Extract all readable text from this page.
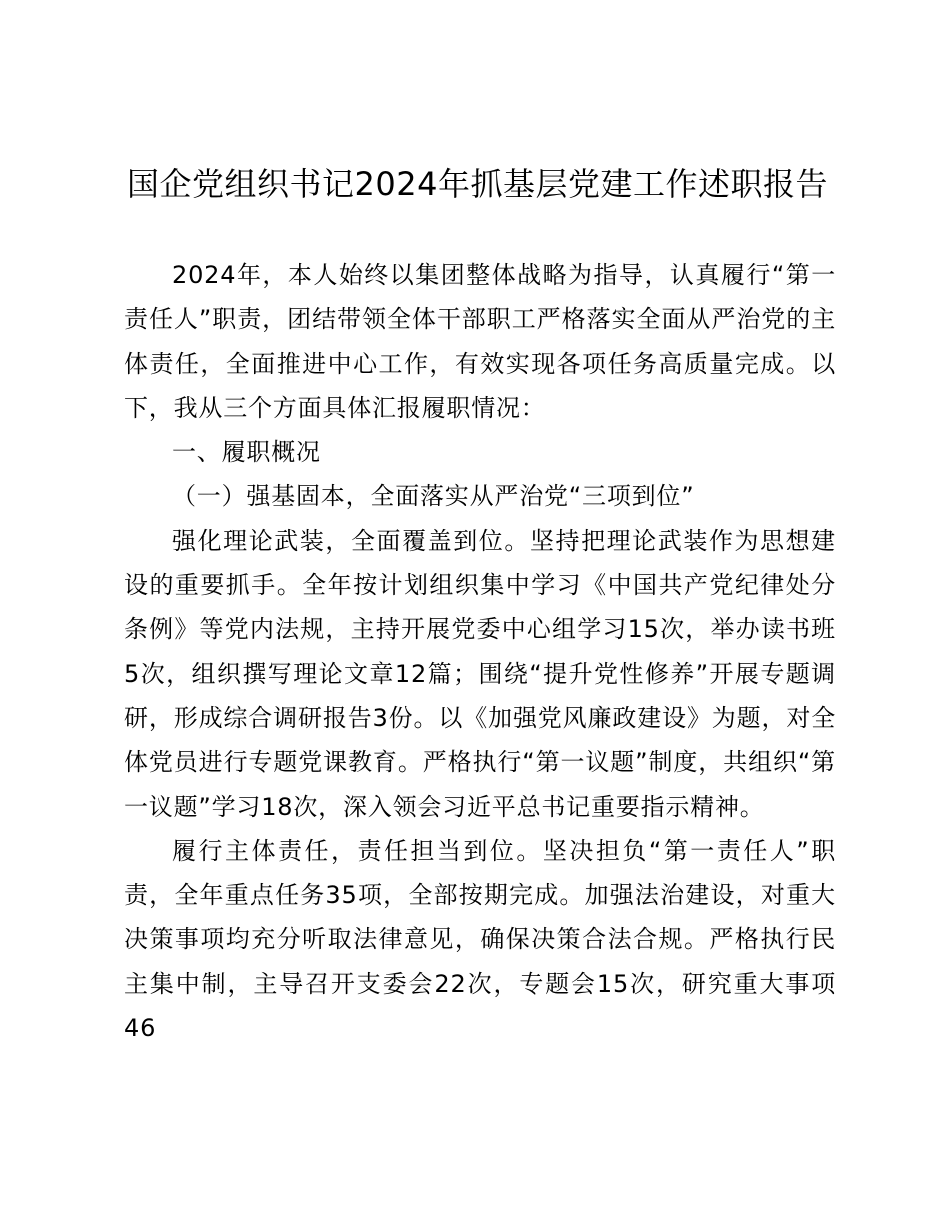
国企党组织书记2024年抓基层党建工作述职报告

2024年，本人始终以集团整体战略为指导，认真履行“第一责任人”职责，团结带领全体干部职工严格落实全面从严治党的主体责任，全面推进中心工作，有效实现各项任务高质量完成。以下，我从三个方面具体汇报履职情况：

一、履职概况

（一）强基固本，全面落实从严治党“三项到位”

强化理论武装，全面覆盖到位。坚持把理论武装作为思想建设的重要抓手。全年按计划组织集中学习《中国共产党纪律处分条例》等党内法规，主持开展党委中心组学习15次，举办读书班5次，组织撰写理论文章12篇；围绕“提升党性修养”开展专题调研，形成综合调研报告3份。以《加强党风廉政建设》为题，对全体党员进行专题党课教育。严格执行“第一议题”制度，共组织“第一议题”学习18次，深入领会习近平总书记重要指示精神。

履行主体责任，责任担当到位。坚决担负“第一责任人”职责，全年重点任务35项，全部按期完成。加强法治建设，对重大决策事项均充分听取法律意见，确保决策合法合规。严格执行民主集中制，主导召开支委会22次，专题会15次，研究重大事项46
